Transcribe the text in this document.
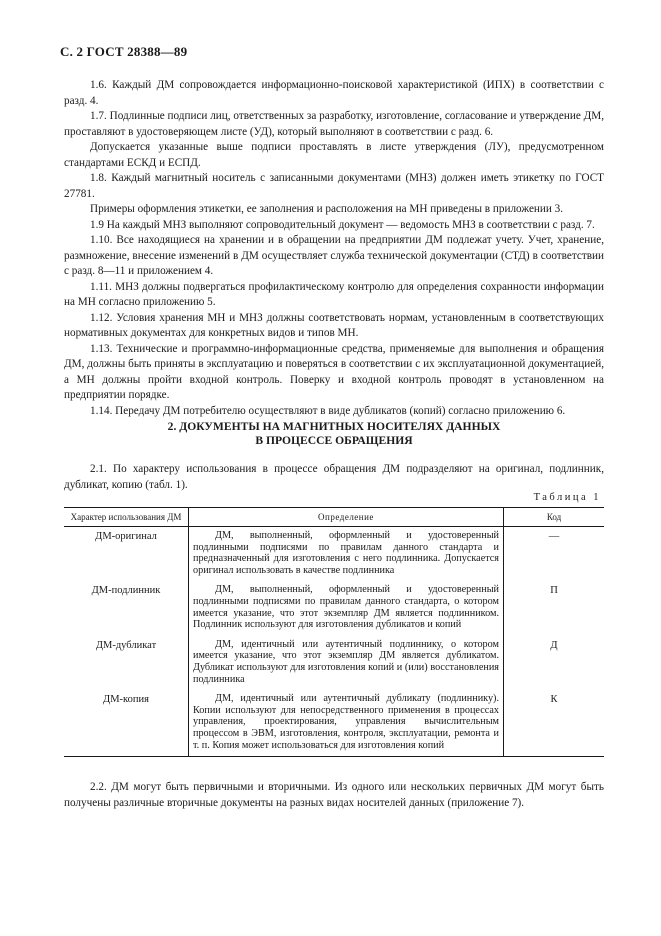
С. 2 ГОСТ 28388—89

1.6. Каждый ДМ сопровождается информационно-поисковой характеристикой (ИПХ) в соответствии с разд. 4.

1.7. Подлинные подписи лиц, ответственных за разработку, изготовление, согласование и утверждение ДМ, проставляют в удостоверяющем листе (УД), который выполняют в соответствии с разд. 6.

Допускается указанные выше подписи проставлять в листе утверждения (ЛУ), предусмотренном стандартами ЕСКД и ЕСПД.

1.8. Каждый магнитный носитель с записанными документами (МНЗ) должен иметь этикетку по ГОСТ 27781.

Примеры оформления этикетки, ее заполнения и расположения на МН приведены в приложении 3.

1.9 На каждый МНЗ выполняют сопроводительный документ — ведомость МНЗ в соответствии с разд. 7.

1.10. Все находящиеся на хранении и в обращении на предприятии ДМ подлежат учету. Учет, хранение, размножение, внесение изменений в ДМ осуществляет служба технической документации (СТД) в соответствии с разд. 8—11 и приложением 4.

1.11. МНЗ должны подвергаться профилактическому контролю для определения сохранности информации на МН согласно приложению 5.

1.12. Условия хранения МН и МНЗ должны соответствовать нормам, установленным в соответствующих нормативных документах для конкретных видов и типов МН.

1.13. Технические и программно-информационные средства, применяемые для выполнения и обращения ДМ, должны быть приняты в эксплуатацию и поверяться в соответствии с их эксплуатационной документацией, а МН должны пройти входной контроль. Поверку и входной контроль проводят в установленном на предприятии порядке.

1.14. Передачу ДМ потребителю осуществляют в виде дубликатов (копий) согласно приложению 6.

2. ДОКУМЕНТЫ НА МАГНИТНЫХ НОСИТЕЛЯХ ДАННЫХ
В ПРОЦЕССЕ ОБРАЩЕНИЯ

2.1. По характеру использования в процессе обращения ДМ подразделяют на оригинал, подлинник, дубликат, копию (табл. 1).

Таблица 1
Характер использования ДМ	Определение	Код
ДМ-оригинал	ДМ, выполненный, оформленный и удостоверенный подлинными подписями по правилам данного стандарта и предназначенный для изготовления с него подлинника. Допускается оригинал использовать в качестве подлинника	—
ДМ-подлинник	ДМ, выполненный, оформленный и удостоверенный подлинными подписями по правилам данного стандарта, о котором имеется указание, что этот экземпляр ДМ является подлинником. Подлинник используют для изготовления дубликатов и копий	П
ДМ-дубликат	ДМ, идентичный или аутентичный подлиннику, о котором имеется указание, что этот экземпляр ДМ является дубликатом. Дубликат используют для изготовления копий и (или) восстановления подлинника	Д
ДМ-копия	ДМ, идентичный или аутентичный дубликату (подлиннику). Копии используют для непосредственного применения в процессах управления, проектирования, управления вычислительным процессом в ЭВМ, изготовления, контроля, эксплуатации, ремонта и т. п. Копия может использоваться для изготовления копий	К

2.2. ДМ могут быть первичными и вторичными. Из одного или нескольких первичных ДМ могут быть получены различные вторичные документы на разных видах носителей данных (приложение 7).
